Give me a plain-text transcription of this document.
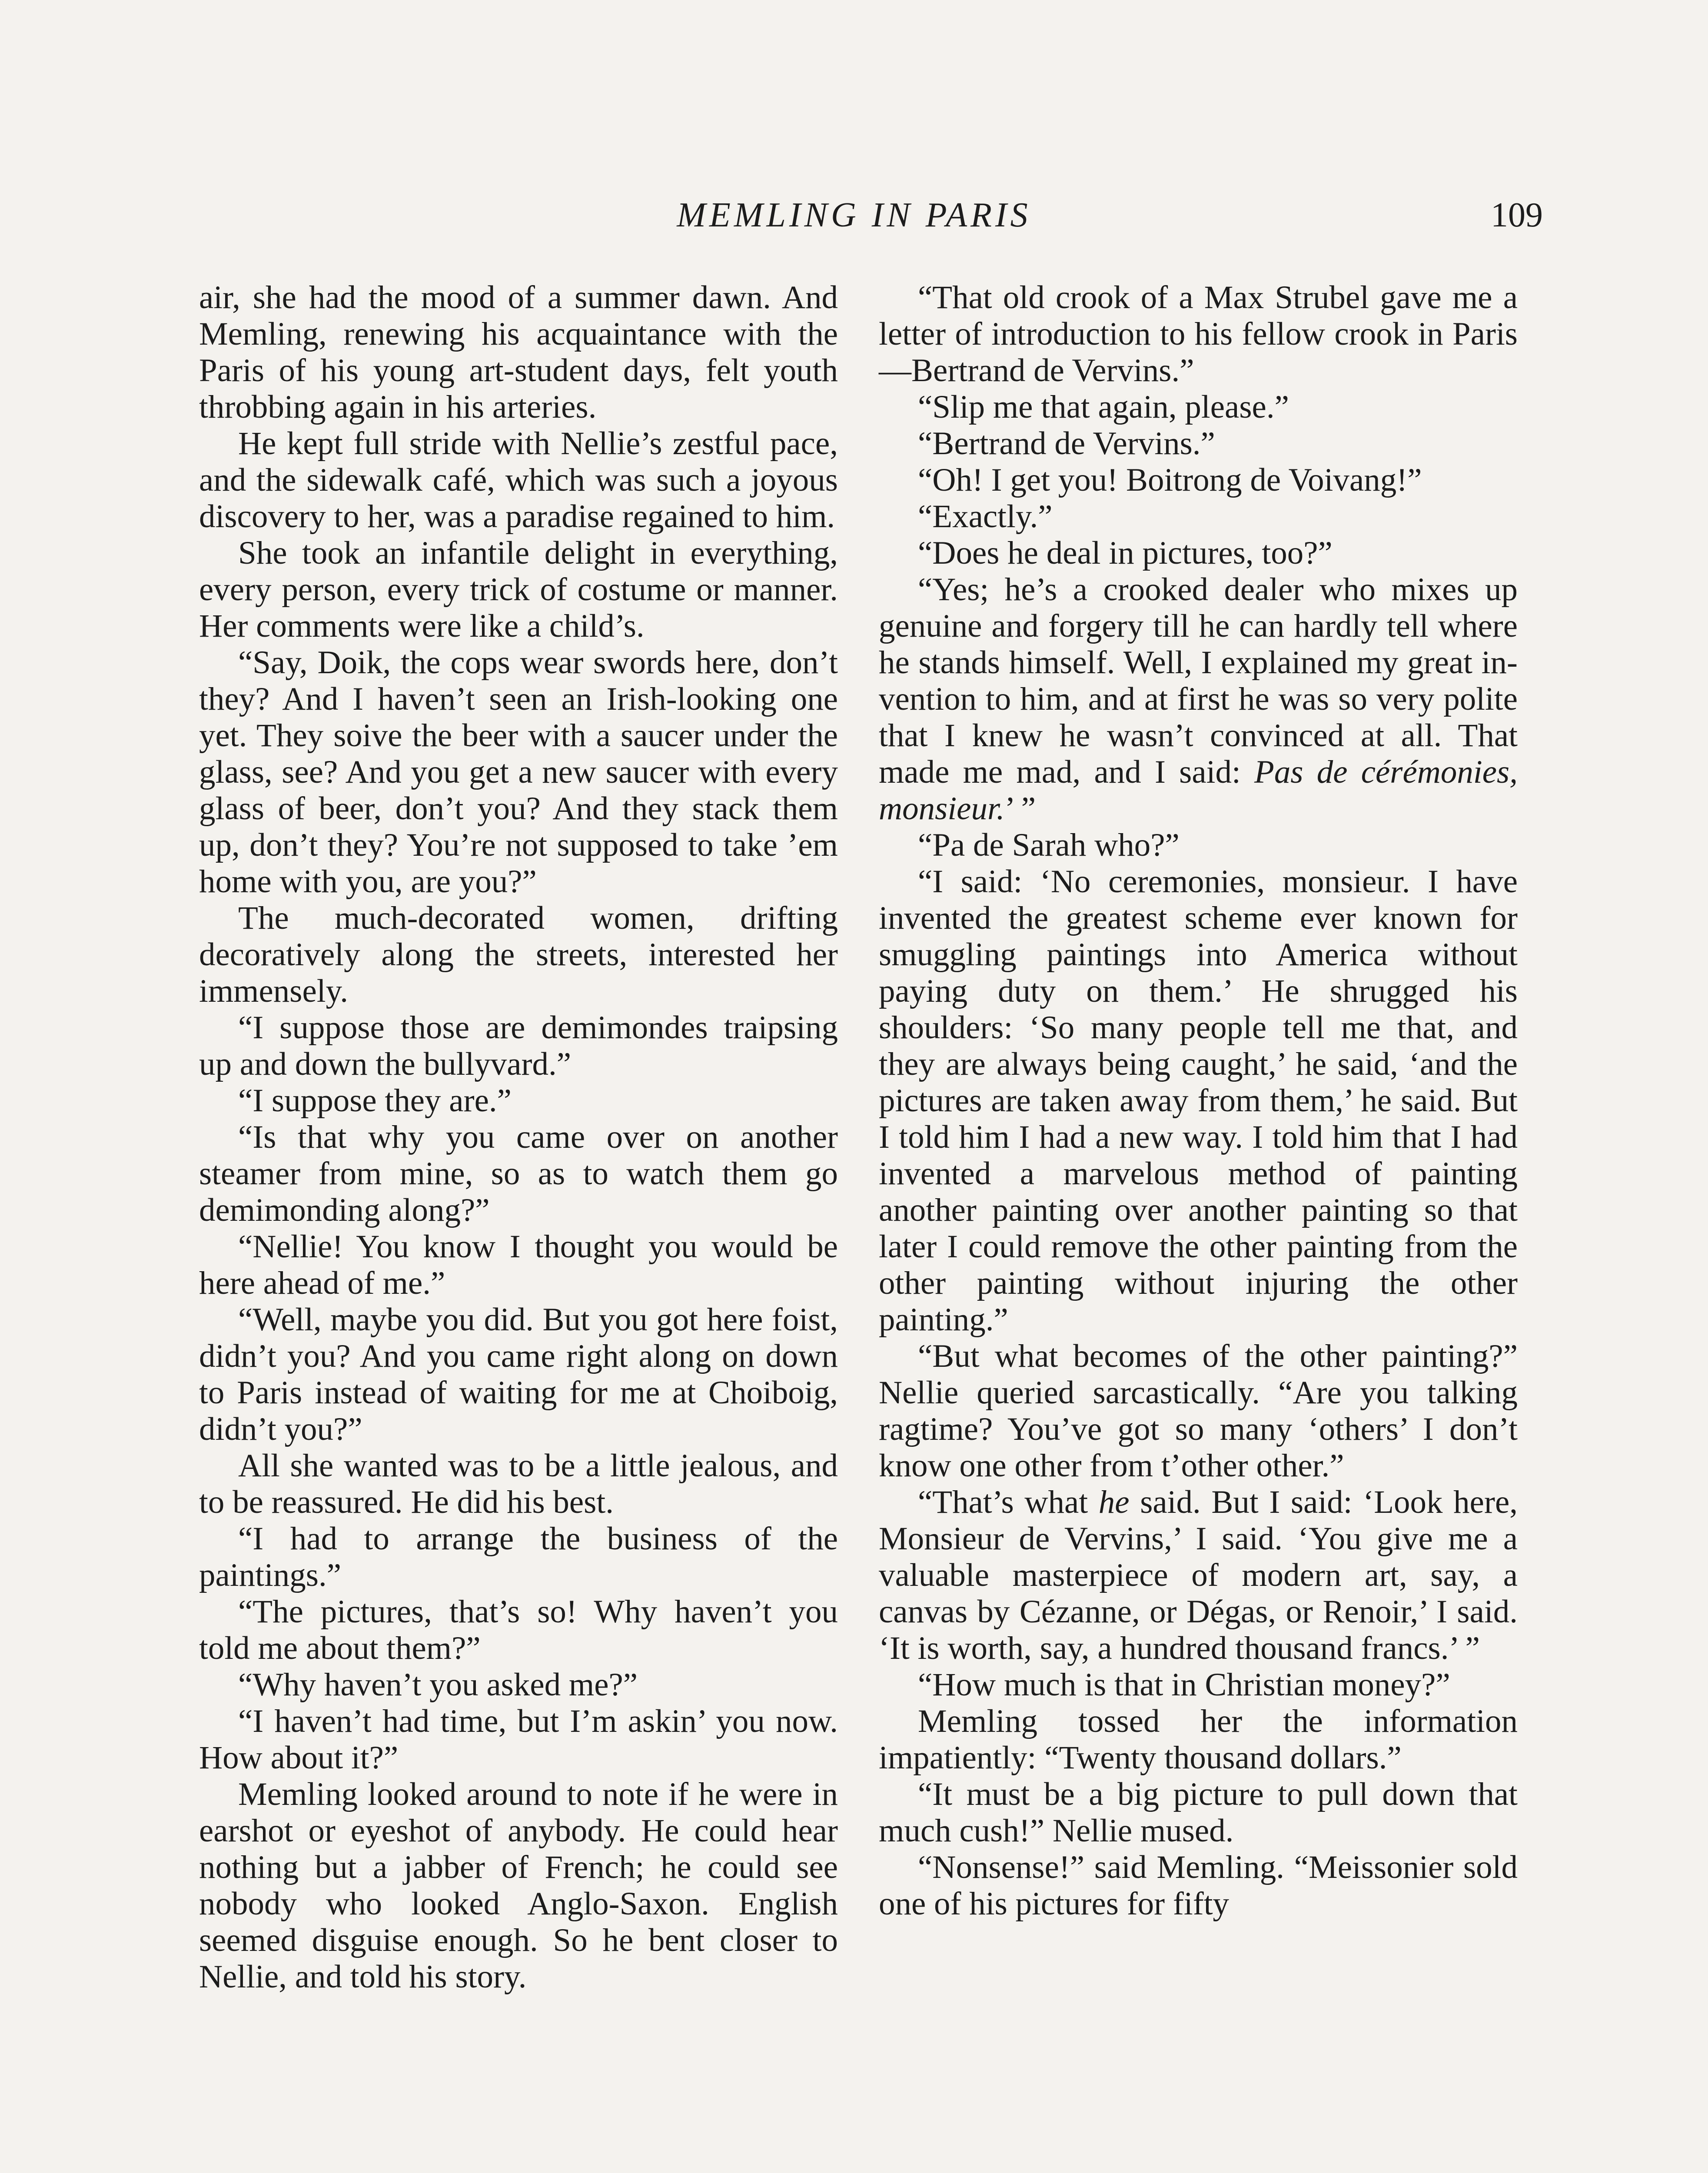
MEMLING IN PARIS	109

air, she had the mood of a summer dawn. And Memling, renewing his acquaintance with the Paris of his young art-student days, felt youth throbbing again in his arteries.

He kept full stride with Nellie’s zestful pace, and the sidewalk café, which was such a joyous discovery to her, was a paradise regained to him.

She took an infantile delight in everything, every person, every trick of costume or manner. Her comments were like a child’s.

“Say, Doik, the cops wear swords here, don’t they? And I haven’t seen an Irish-looking one yet. They soive the beer with a saucer under the glass, see? And you get a new saucer with every glass of beer, don’t you? And they stack them up, don’t they? You’re not supposed to take ’em home with you, are you?”

The much-decorated women, drifting decoratively along the streets, interested her immensely.

“I suppose those are demimondes traipsing up and down the bullyvard.”

“I suppose they are.”

“Is that why you came over on another steamer from mine, so as to watch them go demimonding along?”

“Nellie! You know I thought you would be here ahead of me.”

“Well, maybe you did. But you got here foist, didn’t you? And you came right along on down to Paris instead of waiting for me at Choiboig, didn’t you?”

All she wanted was to be a little jealous, and to be reassured. He did his best.

“I had to arrange the business of the paintings.”

“The pictures, that’s so! Why haven’t you told me about them?”

“Why haven’t you asked me?”

“I haven’t had time, but I’m askin’ you now. How about it?”

Memling looked around to note if he were in earshot or eyeshot of anybody. He could hear nothing but a jabber of French; he could see nobody who looked Anglo-Saxon. English seemed disguise enough. So he bent closer to Nellie, and told his story.

“That old crook of a Max Strubel gave me a letter of introduction to his fellow crook in Paris—Bertrand de Vervins.”

“Slip me that again, please.”

“Bertrand de Vervins.”

“Oh! I get you! Boitrong de Voivang!”

“Exactly.”

“Does he deal in pictures, too?”

“Yes; he’s a crooked dealer who mixes up genuine and forgery till he can hardly tell where he stands himself. Well, I explained my great invention to him, and at first he was so very polite that I knew he wasn’t convinced at all. That made me mad, and I said: Pas de cérémonies, monsieur.’ ”

“Pa de Sarah who?”

“I said: ‘No ceremonies, monsieur. I have invented the greatest scheme ever known for smuggling paintings into America without paying duty on them.’ He shrugged his shoulders: ‘So many people tell me that, and they are always being caught,’ he said, ‘and the pictures are taken away from them,’ he said. But I told him I had a new way. I told him that I had invented a marvelous method of painting another painting over another painting so that later I could remove the other painting from the other painting without injuring the other painting.”

“But what becomes of the other painting?” Nellie queried sarcastically. “Are you talking ragtime? You’ve got so many ‘others’ I don’t know one other from t’other other.”

“That’s what he said. But I said: ‘Look here, Monsieur de Vervins,’ I said. ‘You give me a valuable masterpiece of modern art, say, a canvas by Cézanne, or Dégas, or Renoir,’ I said. ‘It is worth, say, a hundred thousand francs.’ ”

“How much is that in Christian money?”

Memling tossed her the information impatiently: “Twenty thousand dollars.”

“It must be a big picture to pull down that much cush!” Nellie mused.

“Nonsense!” said Memling. “Meissonier sold one of his pictures for fifty
